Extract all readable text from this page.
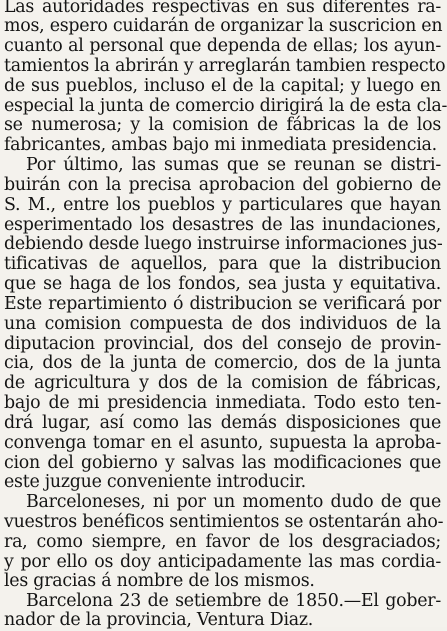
Las autoridades respectivas en sus diferentes ra-
mos, espero cuidarán de organizar la suscricion en
cuanto al personal que dependa de ellas; los ayun-
tamientos la abrirán y arreglarán tambien respecto
de sus pueblos, incluso el de la capital; y luego en
especial la junta de comercio dirigirá la de esta cla-
se numerosa; y la comision de fábricas la de los
fabricantes, ambas bajo mi inmediata presidencia.
Por último, las sumas que se reunan se distri-
buirán con la precisa aprobacion del gobierno de
S. M., entre los pueblos y particulares que hayan
esperimentado los desastres de las inundaciones,
debiendo desde luego instruirse informaciones jus-
tificativas de aquellos, para que la distribucion
que se haga de los fondos, sea justa y equitativa.
Este repartimiento ó distribucion se verificará por
una comision compuesta de dos individuos de la
diputacion provincial, dos del consejo de provin-
cia, dos de la junta de comercio, dos de la junta
de agricultura y dos de la comision de fábricas,
bajo de mi presidencia inmediata. Todo esto ten-
drá lugar, así como las demás disposiciones que
convenga tomar en el asunto, supuesta la aproba-
cion del gobierno y salvas las modificaciones que
este juzgue conveniente introducir.
Barceloneses, ni por un momento dudo de que
vuestros benéficos sentimientos se ostentarán aho-
ra, como siempre, en favor de los desgraciados;
y por ello os doy anticipadamente las mas cordia-
les gracias á nombre de los mismos.
Barcelona 23 de setiembre de 1850.—El gober-
nador de la provincia, Ventura Diaz.
